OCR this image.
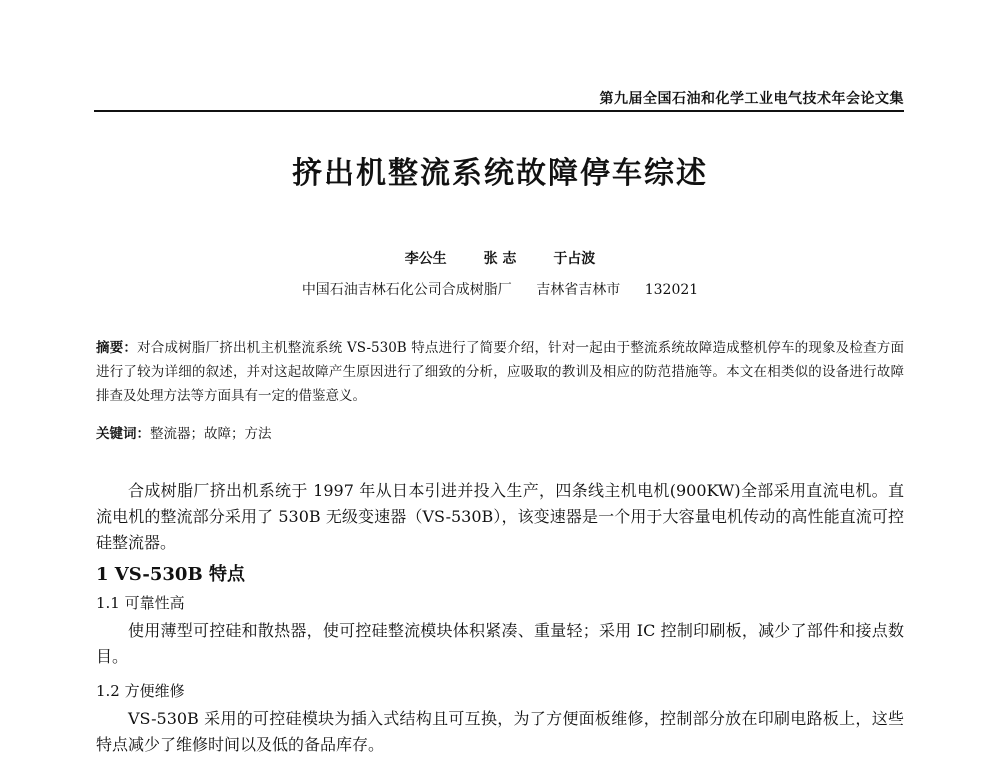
第九届全国石油和化学工业电气技术年会论文集
挤出机整流系统故障停车综述
李公生	张 志	于占波
中国石油吉林石化公司合成树脂厂 吉林省吉林市 132021
摘要：对合成树脂厂挤出机主机整流系统 VS-530B 特点进行了简要介绍，针对一起由于整流系统故障造成整机停车的现象及检查方面进行了较为详细的叙述，并对这起故障产生原因进行了细致的分析，应吸取的教训及相应的防范措施等。本文在相类似的设备进行故障排查及处理方法等方面具有一定的借鉴意义。
关键词：整流器；故障；方法
合成树脂厂挤出机系统于 1997 年从日本引进并投入生产，四条线主机电机(900KW)全部采用直流电机。直流电机的整流部分采用了 530B 无级变速器（VS-530B），该变速器是一个用于大容量电机传动的高性能直流可控硅整流器。
1 VS-530B 特点
1.1 可靠性高
使用薄型可控硅和散热器，使可控硅整流模块体积紧凑、重量轻；采用 IC 控制印刷板，减少了部件和接点数目。
1.2 方便维修
VS-530B 采用的可控硅模块为插入式结构且可互换，为了方便面板维修，控制部分放在印刷电路板上，这些特点减少了维修时间以及低的备品库存。
